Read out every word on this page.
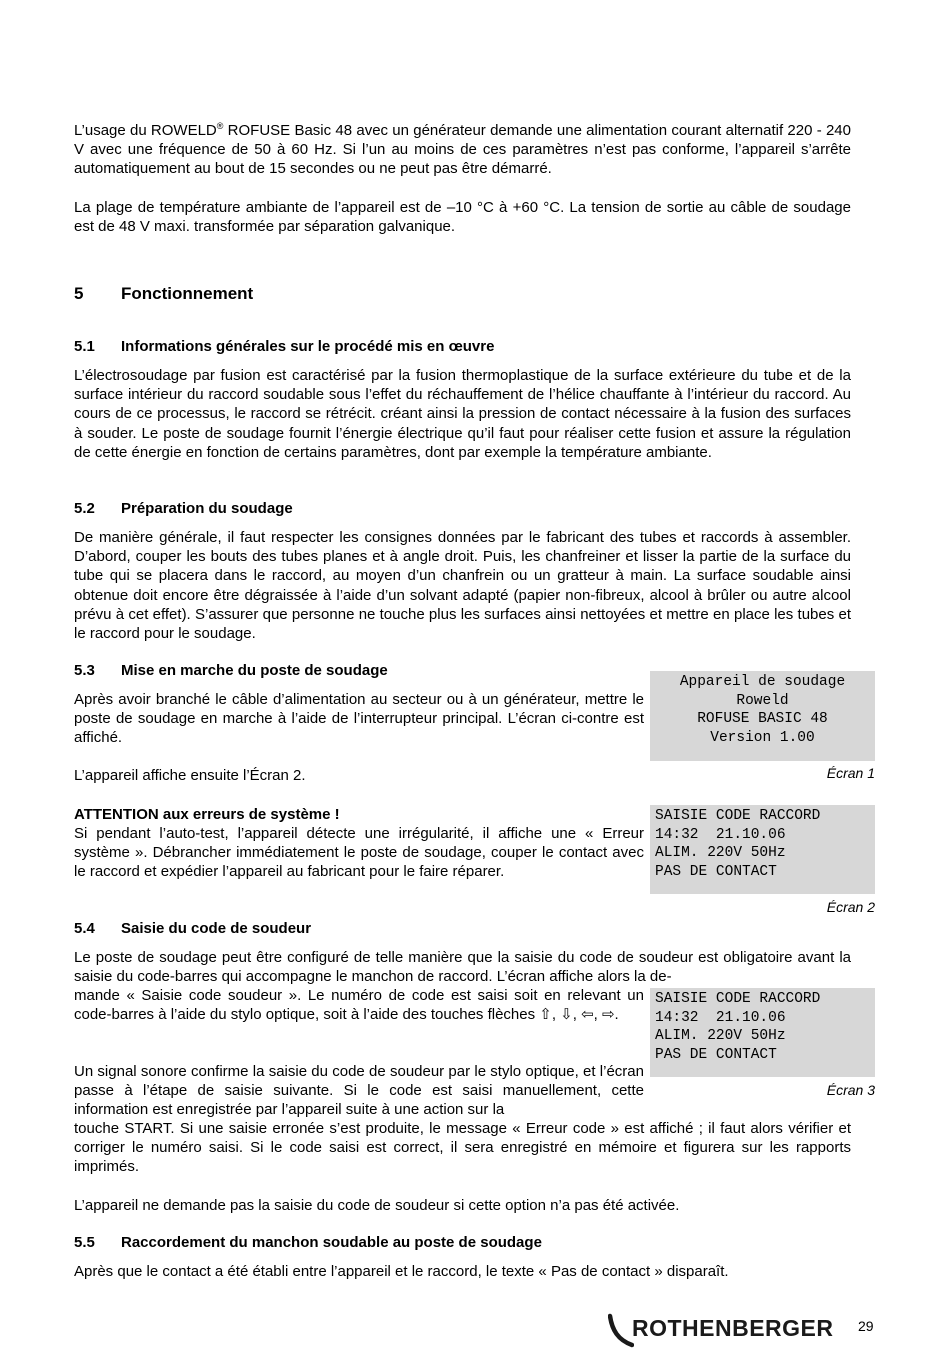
L’usage du ROWELD® ROFUSE Basic 48 avec un générateur demande une alimentation courant alternatif 220 - 240 V avec une fréquence de 50 à 60 Hz. Si l’un au moins de ces paramètres n’est pas conforme, l’appareil s’arrête automatiquement au bout de 15 secondes ou ne peut pas être démarré.

La plage de température ambiante de l’appareil est de –10 °C à +60 °C. La tension de sortie au câble de soudage est de 48 V maxi. transformée par séparation galvanique.

5 Fonctionnement
5.1 Informations générales sur le procédé mis en œuvre

L’électrosoudage par fusion est caractérisé par la fusion thermoplastique de la surface extérieure du tube et de la surface intérieur du raccord soudable sous l’effet du réchauffement de l’hélice chauffante à l’intérieur du raccord. Au cours de ce processus, le raccord se rétrécit. créant ainsi la pression de contact nécessaire à la fusion des surfaces à souder. Le poste de soudage fournit l’énergie électrique qu’il faut pour réaliser cette fusion et assure la régulation de cette énergie en fonction de certains paramètres, dont par exemple la température ambiante.

5.2 Préparation du soudage

De manière générale, il faut respecter les consignes données par le fabricant des tubes et raccords à assembler. D’abord, couper les bouts des tubes planes et à angle droit. Puis, les chanfreiner et lisser la partie de la surface du tube qui se placera dans le raccord, au moyen d’un chanfrein ou un gratteur à main. La surface soudable ainsi obtenue doit encore être dégraissée à l’aide d’un solvant adapté (papier non-fibreux, alcool à brûler ou autre alcool prévu à cet effet). S’assurer que personne ne touche plus les surfaces ainsi nettoyées et mettre en place les tubes et le raccord pour le soudage.

5.3 Mise en marche du poste de soudage

Après avoir branché le câble d’alimentation au secteur ou à un générateur, mettre le poste de soudage en marche à l’aide de l’interrupteur principal. L’écran ci-contre est affiché.

L’appareil affiche ensuite l’Écran 2.

ATTENTION aux erreurs de système !

Si pendant l’auto-test, l’appareil détecte une irrégularité, il affiche une « Erreur système ». Débrancher immédiatement le poste de soudage, couper le contact avec le raccord et expédier l’appareil au fabricant pour le faire réparer.

Appareil de soudage
Roweld
ROFUSE BASIC 48
Version 1.00
Écran 1
SAISIE CODE RACCORD
14:32  21.10.06
ALIM. 220V 50Hz
PAS DE CONTACT
Écran 2
5.4 Saisie du code de soudeur

Le poste de soudage peut être configuré de telle manière que la saisie du code de soudeur est obligatoire avant la saisie du code-barres qui accompagne le manchon de raccord. L’écran affiche alors la de-

mande « Saisie code soudeur ». Le numéro de code est saisi soit en relevant un code-barres à l’aide du stylo optique, soit à l’aide des touches flèches ⇧, ⇩, ⇦, ⇨.

Un signal sonore confirme la saisie du code de soudeur par le stylo optique, et l’écran passe à l’étape de saisie suivante. Si le code est saisi manuellement, cette information est enregistrée par l’appareil suite à une action sur la

touche START. Si une saisie erronée s’est produite, le message « Erreur code » est affiché ; il faut alors vérifier et corriger le numéro saisi. Si le code saisi est correct, il sera enregistré en mémoire et figurera sur les rapports imprimés.

L’appareil ne demande pas la saisie du code de soudeur si cette option n’a pas été activée.

SAISIE CODE RACCORD
14:32  21.10.06
ALIM. 220V 50Hz
PAS DE CONTACT
Écran 3
5.5 Raccordement du manchon soudable au poste de soudage

Après que le contact a été établi entre l’appareil et le raccord, le texte « Pas de contact » disparaît.

ROTHENBERGER 29
